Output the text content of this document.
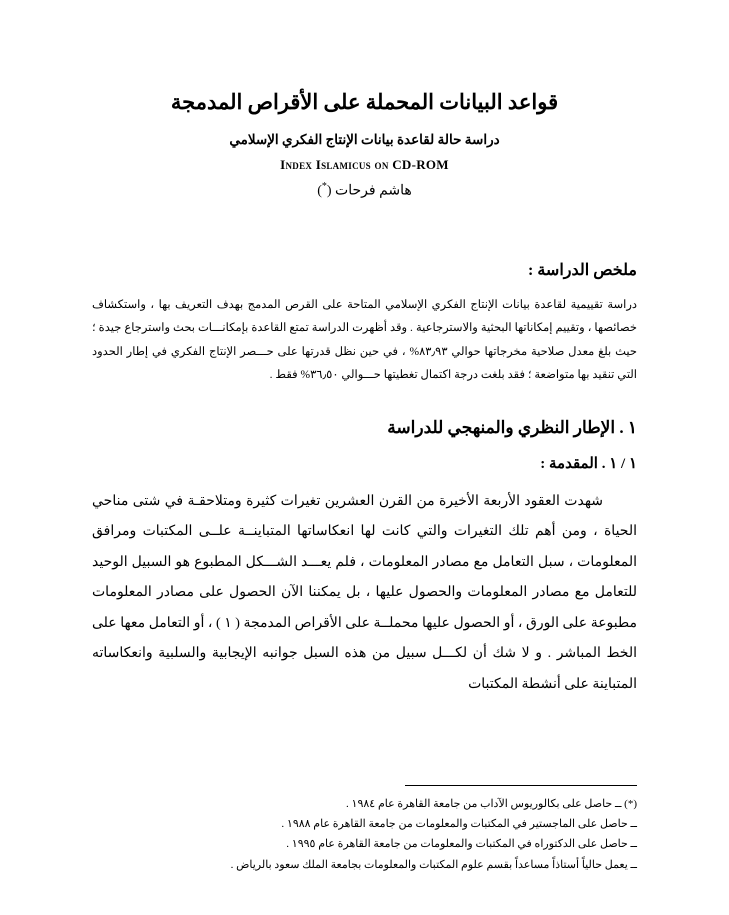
قواعد البيانات المحملة على الأقراص المدمجة
دراسة حالة لقاعدة بيانات الإنتاج الفكري الإسلامي
Index Islamicus on CD-ROM
هاشم فرحات (*)
ملخص الدراسة :

دراسة تقييمية لقاعدة بيانات الإنتاج الفكري الإسلامي المتاحة على القرص المدمج بهدف التعريف بها ، واستكشاف خصائصها ، وتقييم إمكاناتها البحثية والاسترجاعية . وقد أظهرت الدراسة تمتع القاعدة بإمكانـــات بحث واسترجاع جيدة ؛ حيث بلغ معدل صلاحية مخرجاتها حوالي ٨٣٫٩٣% ، في حين نظل قدرتها على حـــصر الإنتاج الفكري في إطار الحدود التي تنقيد بها متواضعة ؛ فقد بلغت درجة اكتمال تغطيتها حـــوالي ٣٦٫٥٠% فقط .

١ . الإطار النظري والمنهجي للدراسة
١ / ١ . المقدمة :

شهدت العقود الأربعة الأخيرة من القرن العشرين تغيرات كثيرة ومتلاحقـة في شتى مناحي الحياة ، ومن أهم تلك التغيرات والتي كانت لها انعكاساتها المتباينــة علــى المكتبات ومرافق المعلومات ، سبل التعامل مع مصادر المعلومات ، فلم يعـــد الشـــكل المطبوع هو السبيل الوحيد للتعامل مع مصادر المعلومات والحصول عليها ، بل يمكننا الآن الحصول على مصادر المعلومات مطبوعة على الورق ، أو الحصول عليها محملــة على الأقراص المدمجة ( ١ ) ، أو التعامل معها على الخط المباشر . و لا شك أن لكـــل سبيل من هذه السبل جوانبه الإيجابية والسلبية وانعكاساته المتباينة على أنشطة المكتبات

(*) ــ حاصل على بكالوريوس الآداب من جامعة القاهرة عام ١٩٨٤ .

ــ حاصل على الماجستير في المكتبات والمعلومات من جامعة القاهرة عام ١٩٨٨ .

ــ حاصل على الدكتوراه في المكتبات والمعلومات من جامعة القاهرة عام ١٩٩٥ .

ــ يعمل حالياً أستاذاً مساعداً بقسم علوم المكتبات والمعلومات بجامعة الملك سعود بالرياض .
